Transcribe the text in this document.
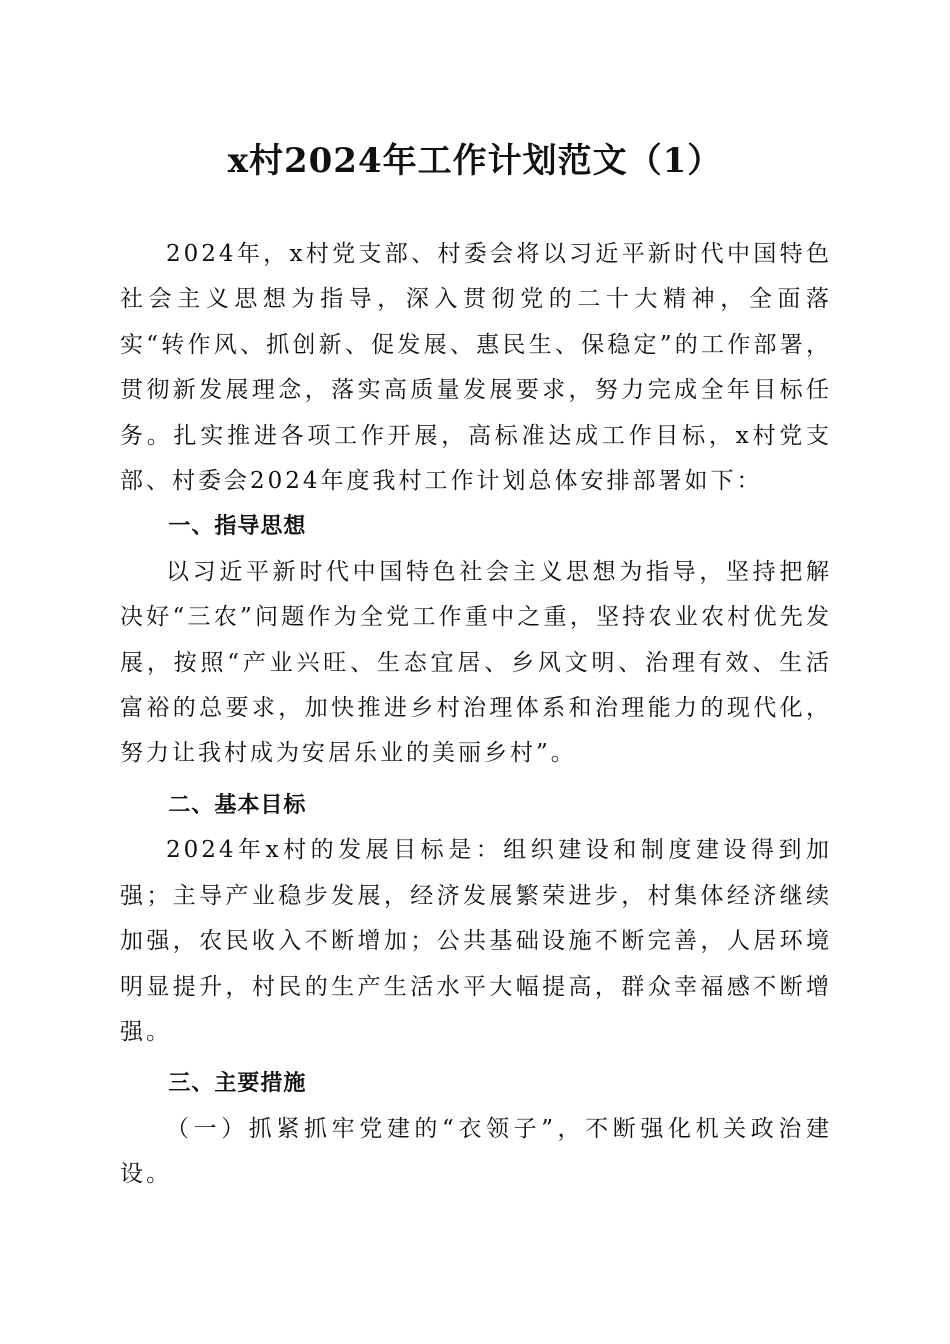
x村2024年工作计划范文（1）

2024年，x村党支部、村委会将以习近平新时代中国特色社会主义思想为指导，深入贯彻党的二十大精神，全面落实“转作风、抓创新、促发展、惠民生、保稳定”的工作部署，贯彻新发展理念，落实高质量发展要求，努力完成全年目标任务。扎实推进各项工作开展，高标准达成工作目标，x村党支部、村委会2024年度我村工作计划总体安排部署如下：

一、指导思想

以习近平新时代中国特色社会主义思想为指导，坚持把解决好“三农”问题作为全党工作重中之重，坚持农业农村优先发展，按照“产业兴旺、生态宜居、乡风文明、治理有效、生活富裕的总要求，加快推进乡村治理体系和治理能力的现代化，努力让我村成为安居乐业的美丽乡村”。

二、基本目标

2024年x村的发展目标是：组织建设和制度建设得到加强；主导产业稳步发展，经济发展繁荣进步，村集体经济继续加强，农民收入不断增加；公共基础设施不断完善，人居环境明显提升，村民的生产生活水平大幅提高，群众幸福感不断增强。

三、主要措施

（一）抓紧抓牢党建的“衣领子”，不断强化机关政治建设。
